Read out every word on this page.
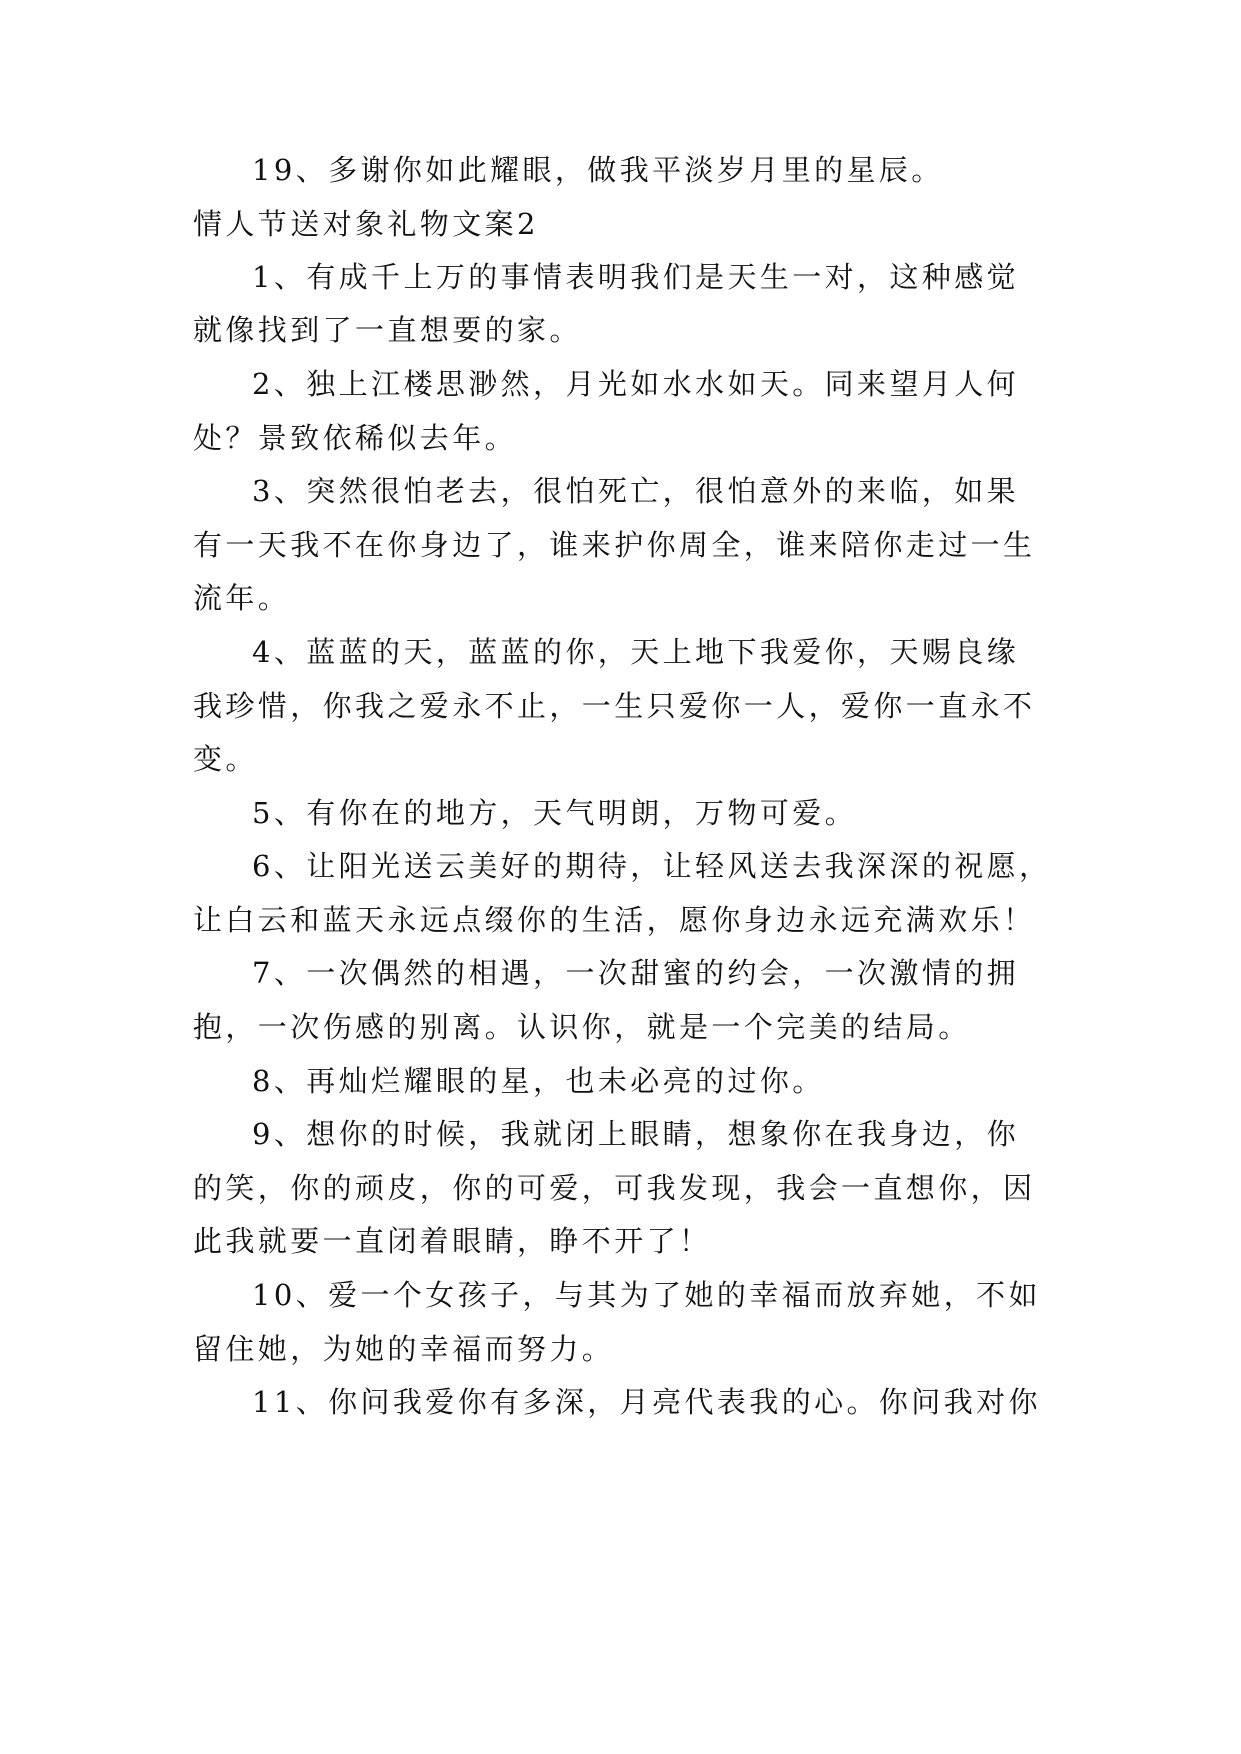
19、多谢你如此耀眼，做我平淡岁月里的星辰。
情人节送对象礼物文案2
1、有成千上万的事情表明我们是天生一对，这种感觉
就像找到了一直想要的家。
2、独上江楼思渺然，月光如水水如天。同来望月人何
处？景致依稀似去年。
3、突然很怕老去，很怕死亡，很怕意外的来临，如果
有一天我不在你身边了，谁来护你周全，谁来陪你走过一生
流年。
4、蓝蓝的天，蓝蓝的你，天上地下我爱你，天赐良缘
我珍惜，你我之爱永不止，一生只爱你一人，爱你一直永不
变。
5、有你在的地方，天气明朗，万物可爱。
6、让阳光送云美好的期待，让轻风送去我深深的祝愿，
让白云和蓝天永远点缀你的生活，愿你身边永远充满欢乐！
7、一次偶然的相遇，一次甜蜜的约会，一次激情的拥
抱，一次伤感的别离。认识你，就是一个完美的结局。
8、再灿烂耀眼的星，也未必亮的过你。
9、想你的时候，我就闭上眼睛，想象你在我身边，你
的笑，你的顽皮，你的可爱，可我发现，我会一直想你，因
此我就要一直闭着眼睛，睁不开了！
10、爱一个女孩子，与其为了她的幸福而放弃她，不如
留住她，为她的幸福而努力。
11、你问我爱你有多深，月亮代表我的心。你问我对你
